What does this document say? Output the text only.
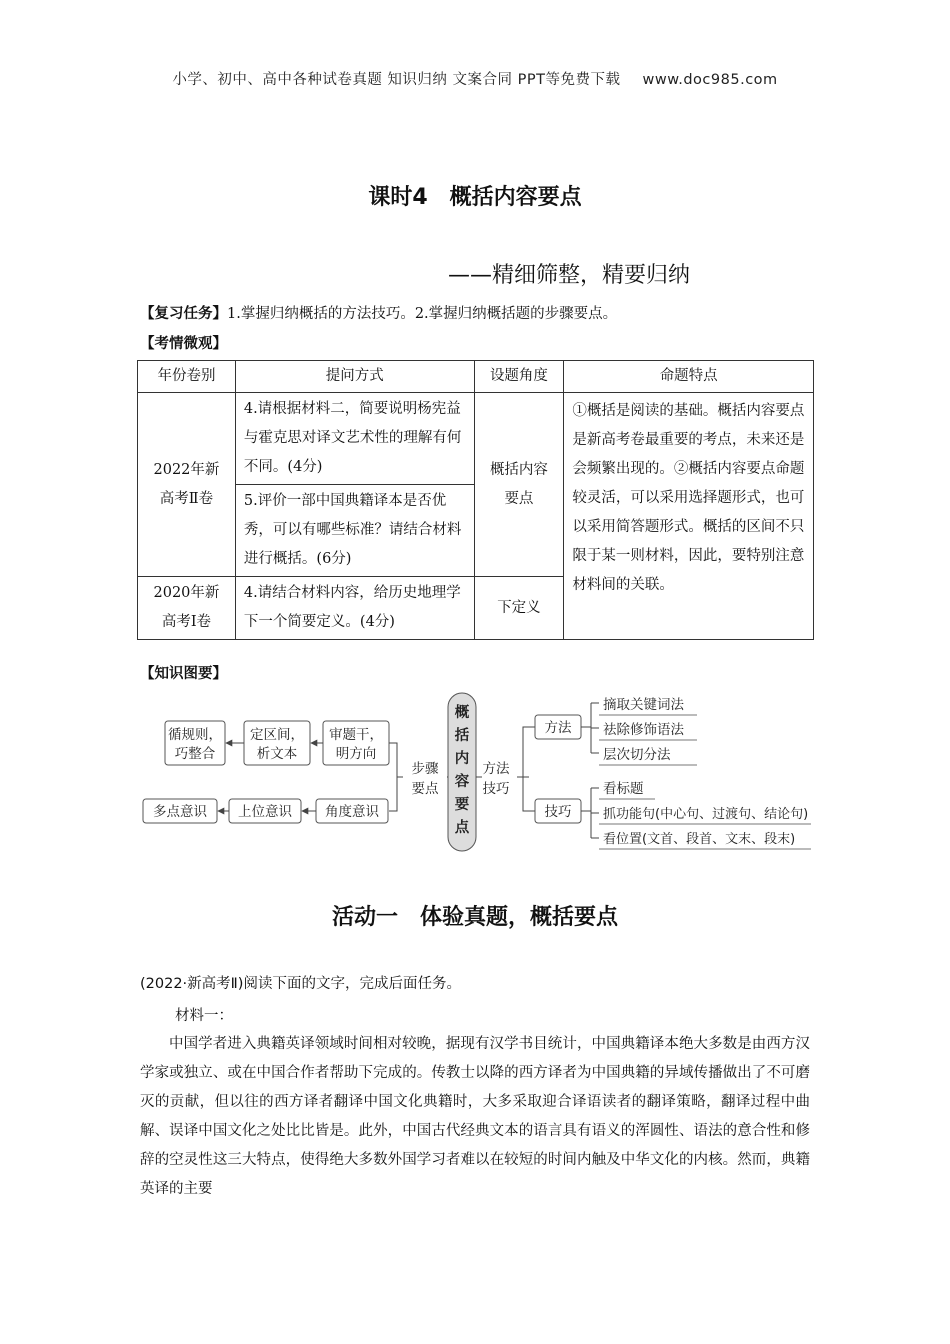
小学、初中、高中各种试卷真题 知识归纳 文案合同 PPT等免费下载 www.doc985.com
课时4　概括内容要点
——精细筛整，精要归纳
【复习任务】1.掌握归纳概括的方法技巧。2.掌握归纳概括题的步骤要点。
【考情微观】
年份卷别	提问方式	设题角度	命题特点
2022年新高考Ⅱ卷	4.请根据材料二，简要说明杨宪益与霍克思对译文艺术性的理解有何不同。(4分)	概括内容要点	①概括是阅读的基础。概括内容要点是新高考卷最重要的考点，未来还是会频繁出现的。②概括内容要点命题较灵活，可以采用选择题形式，也可以采用简答题形式。概括的区间不只限于某一则材料，因此，要特别注意材料间的关联。
	5.评价一部中国典籍译本是否优秀，可以有哪些标准？请结合材料进行概括。(6分)		
2020年新高考Ⅰ卷	4.请结合材料内容，给历史地理学下一个简要定义。(4分)	下定义	
【知识图要】
概
括
内
容
要
点
循规则，
巧整合
定区间，
析文本
审题干，
明方向
多点意识 上位意识 角度意识
步骤
要点
方法
技巧
方法
技巧
摘取关键词法
祛除修饰语法
层次切分法
看标题
抓功能句(中心句、过渡句、结论句)
看位置(文首、段首、文末、段末)
活动一　体验真题，概括要点
(2022·新高考Ⅱ)阅读下面的文字，完成后面任务。
材料一：
中国学者进入典籍英译领域时间相对较晚，据现有汉学书目统计，中国典籍译本绝大多数是由西方汉学家或独立、或在中国合作者帮助下完成的。传教士以降的西方译者为中国典籍的异域传播做出了不可磨灭的贡献，但以往的西方译者翻译中国文化典籍时，大多采取迎合译语读者的翻译策略，翻译过程中曲解、误译中国文化之处比比皆是。此外，中国古代经典文本的语言具有语义的浑圆性、语法的意合性和修辞的空灵性这三大特点，使得绝大多数外国学习者难以在较短的时间内触及中华文化的内核。然而，典籍英译的主要
